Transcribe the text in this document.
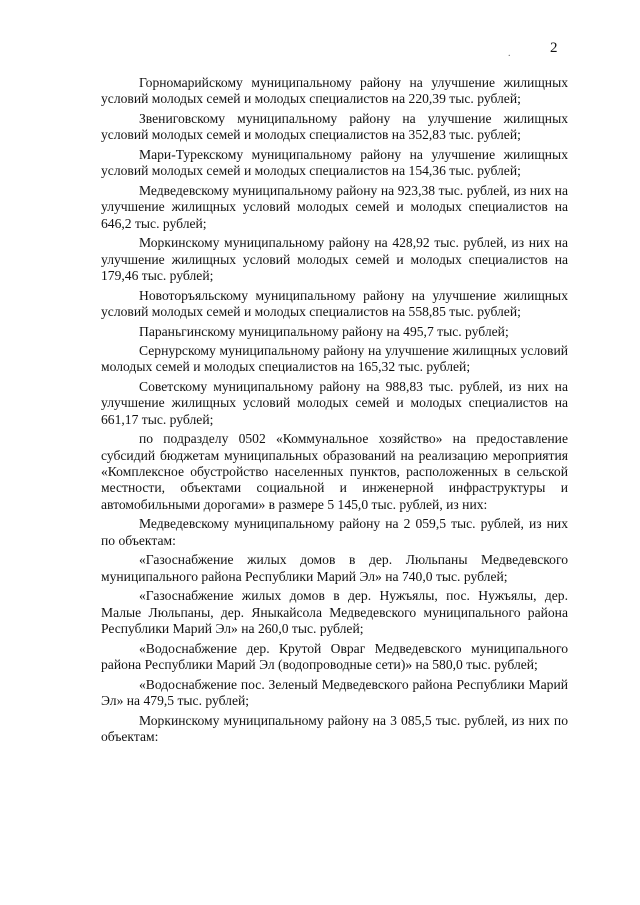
.	2

Горномарийскому муниципальному району на улучшение жилищных условий молодых семей и молодых специалистов на 220,39 тыс. рублей;

Звениговскому муниципальному району на улучшение жилищных условий молодых семей и молодых специалистов на 352,83 тыс. рублей;

Мари-Турекскому муниципальному району на улучшение жилищных условий молодых семей и молодых специалистов на 154,36 тыс. рублей;

Медведевскому муниципальному району на 923,38 тыс. рублей, из них на улучшение жилищных условий молодых семей и молодых специалистов на 646,2 тыс. рублей;

Моркинскому муниципальному району на 428,92 тыс. рублей, из них на улучшение жилищных условий молодых семей и молодых специалистов на 179,46 тыс. рублей;

Новоторъяльскому муниципальному району на улучшение жилищных условий молодых семей и молодых специалистов на 558,85 тыс. рублей;

Параньгинскому муниципальному району на 495,7 тыс. рублей;

Сернурскому муниципальному району на улучшение жилищных условий молодых семей и молодых специалистов на 165,32 тыс. рублей;

Советскому муниципальному району на 988,83 тыс. рублей, из них на улучшение жилищных условий молодых семей и молодых специалистов на 661,17 тыс. рублей;

по подразделу 0502 «Коммунальное хозяйство» на предоставление субсидий бюджетам муниципальных образований на реализацию мероприятия «Комплексное обустройство населенных пунктов, расположенных в сельской местности, объектами социальной и инженерной инфраструктуры и автомобильными дорогами» в размере 5 145,0 тыс. рублей, из них:

Медведевскому муниципальному району на 2 059,5 тыс. рублей, из них по объектам:

«Газоснабжение жилых домов в дер. Люльпаны Медведевского муниципального района Республики Марий Эл» на 740,0 тыс. рублей;

«Газоснабжение жилых домов в дер. Нужъялы, пос. Нужъялы, дер. Малые Люльпаны, дер. Яныкайсола Медведевского муниципального района Республики Марий Эл» на 260,0 тыс. рублей;

«Водоснабжение дер. Крутой Овраг Медведевского муниципального района Республики Марий Эл (водопроводные сети)» на 580,0 тыс. рублей;

«Водоснабжение пос. Зеленый Медведевского района Республики Марий Эл» на 479,5 тыс. рублей;

Моркинскому муниципальному району на 3 085,5 тыс. рублей, из них по объектам:
